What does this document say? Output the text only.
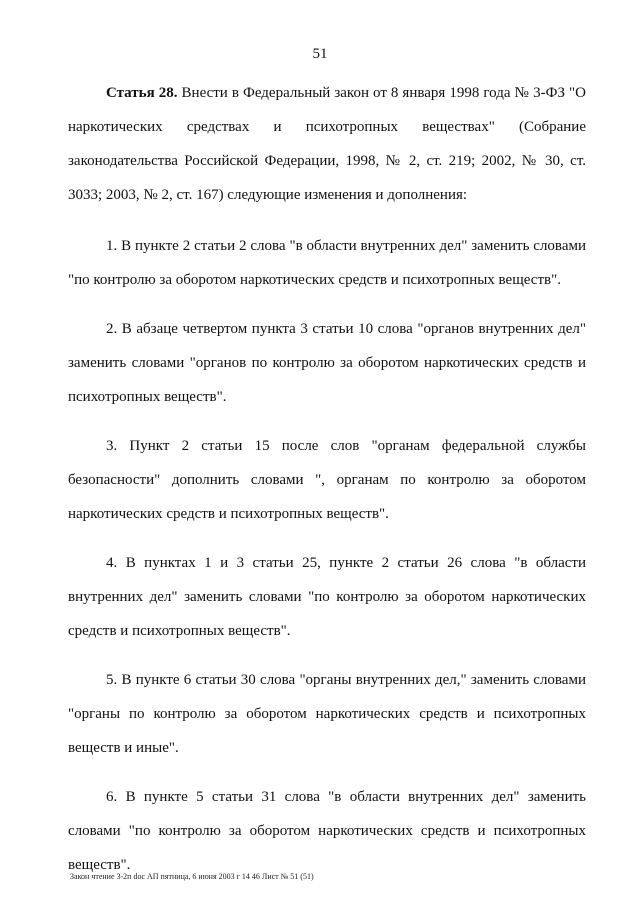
51

Статья 28. Внести в Федеральный закон от 8 января 1998 года № 3-ФЗ "О наркотических средствах и психотропных веществах" (Собрание законодательства Российской Федерации, 1998, № 2, ст. 219; 2002, № 30, ст. 3033; 2003, № 2, ст. 167) следующие изменения и дополнения:

1. В пункте 2 статьи 2 слова "в области внутренних дел" заменить словами "по контролю за оборотом наркотических средств и психотропных веществ".

2. В абзаце четвертом пункта 3 статьи 10 слова "органов внутренних дел" заменить словами "органов по контролю за оборотом наркотических средств и психотропных веществ".

3. Пункт 2 статьи 15 после слов "органам федеральной службы безопасности" дополнить словами ", органам по контролю за оборотом наркотических средств и психотропных веществ".

4. В пунктах 1 и 3 статьи 25, пункте 2 статьи 26 слова "в области внутренних дел" заменить словами "по контролю за оборотом наркотических средств и психотропных веществ".

5. В пункте 6 статьи 30 слова "органы внутренних дел," заменить словами "органы по контролю за оборотом наркотических средств и психотропных веществ и иные".

6. В пункте 5 статьи 31 слова "в области внутренних дел" заменить словами "по контролю за оборотом наркотических средств и психотропных веществ".

Закон чтение 3-2п doc АП пятница, 6 июня 2003 г 14 46 Лист № 51 (51)
